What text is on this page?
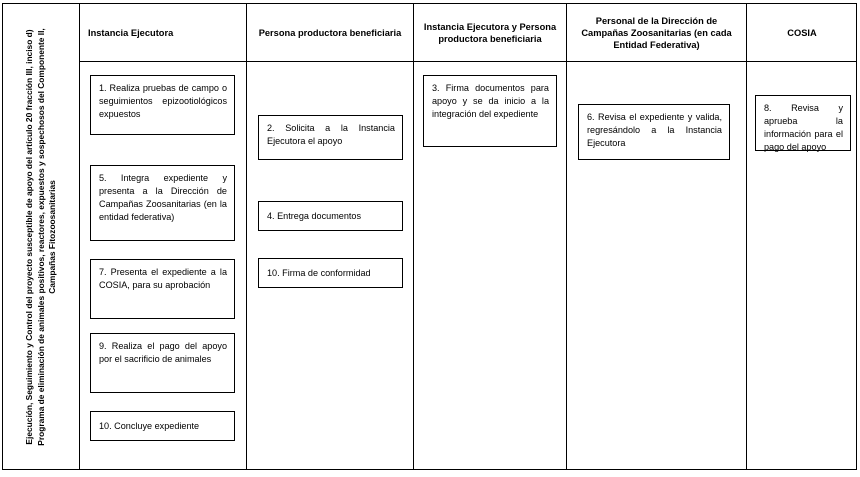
Ejecución, Seguimiento y Control del proyecto susceptible de apoyo del artículo 20 fracción III, inciso d) Programa de eliminación de animales positivos, reactores, expuestos y sospechosos del Componente II, Campañas Fitozoosanitarias
Instancia Ejecutora
1. Realiza pruebas de campo o seguimientos epizootiológicos expuestos
5. Integra expediente y presenta a la Dirección de Campañas Zoosanitarias (en la entidad federativa)
7. Presenta el expediente a la COSIA, para su aprobación
9. Realiza el pago del apoyo por el sacrificio de animales
10. Concluye expediente
Persona productora beneficiaria
2. Solicita a la Instancia Ejecutora el apoyo
4. Entrega documentos
10. Firma de conformidad
Instancia Ejecutora y Persona productora beneficiaria
3. Firma documentos para apoyo y se da inicio a la integración del expediente
Personal de la Dirección de Campañas Zoosanitarias (en cada Entidad Federativa)
6. Revisa el expediente y valida, regresándolo a la Instancia Ejecutora
COSIA
8. Revisa y aprueba la información para el pago del apoyo
